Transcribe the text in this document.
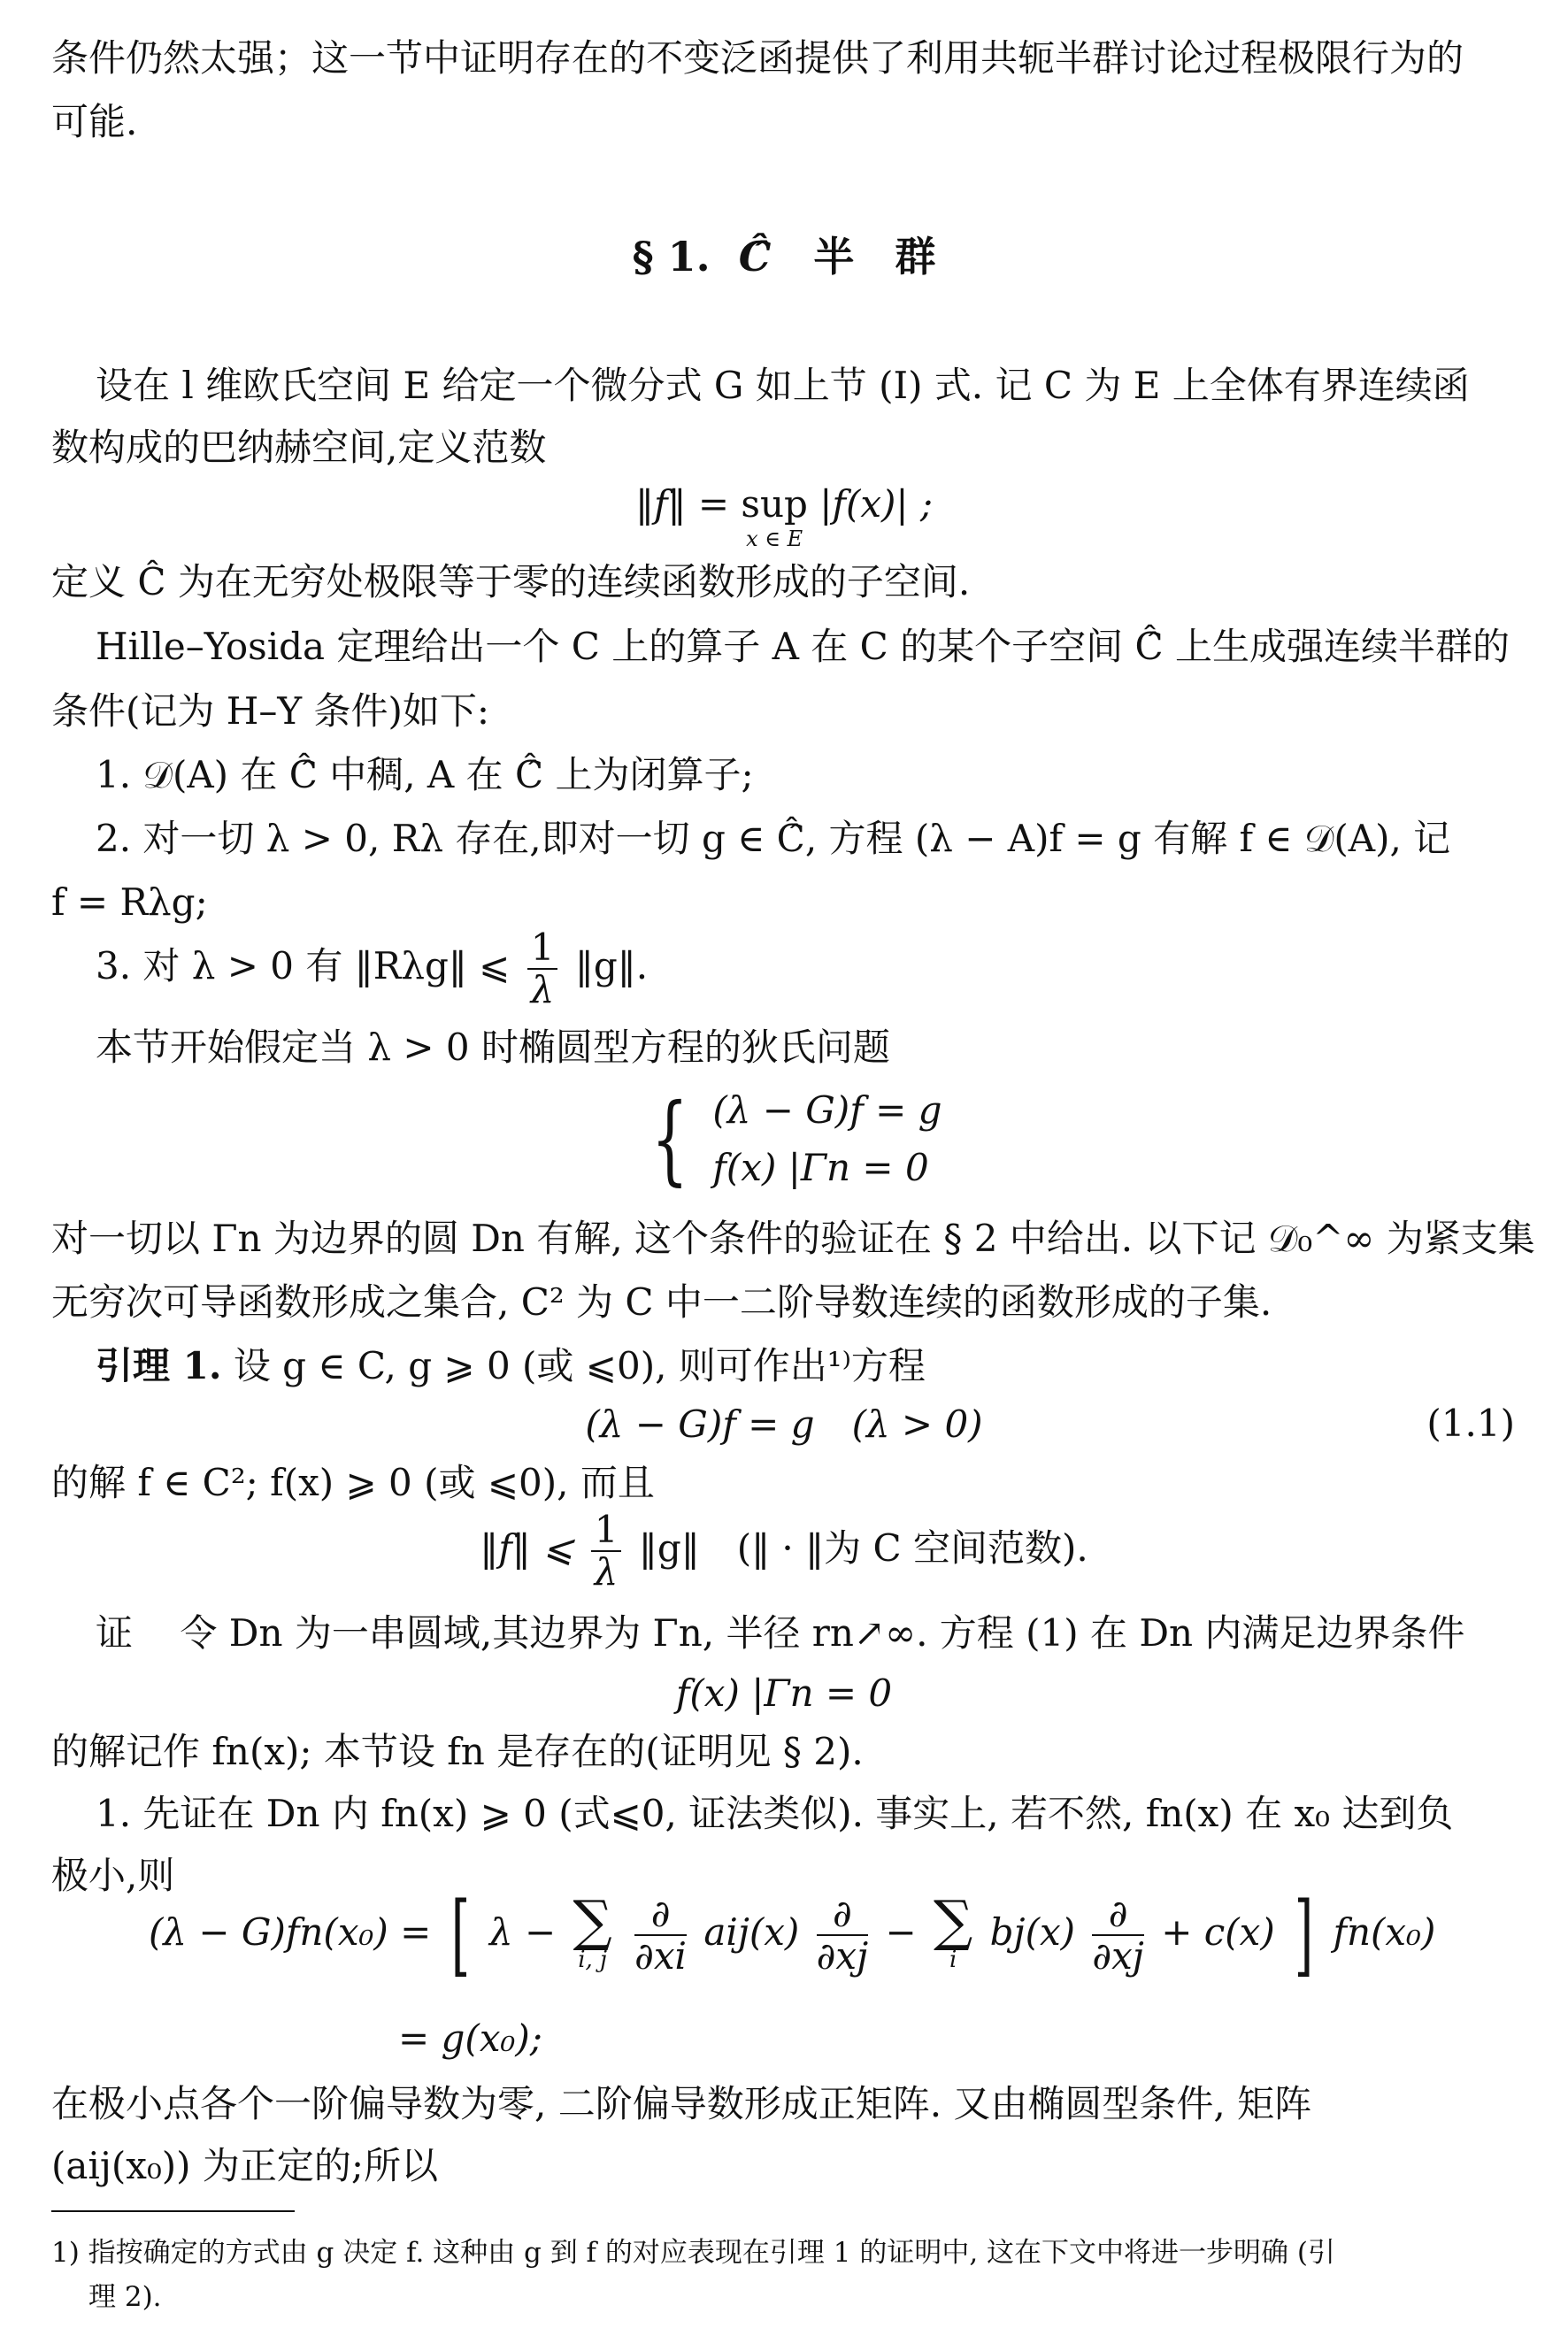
条件仍然太强；这一节中证明存在的不变泛函提供了利用共轭半群讨论过程极限行为的
可能.
§ 1. Ĉ̂ 半　群
设在 l 维欧氏空间 E 给定一个微分式 G 如上节 (I) 式. 记 C 为 E 上全体有界连续函
数构成的巴纳赫空间,定义范数
‖f‖ = sup
x ∈ E
|f(x)| ;
定义 Ĉ 为在无穷处极限等于零的连续函数形成的子空间.
Hille–Yosida 定理给出一个 C 上的算子 A 在 C 的某个子空间 Ĉ̂ 上生成强连续半群的
条件(记为 H–Y 条件)如下:
1. 𝒟(A) 在 Ĉ̂ 中稠, A 在 Ĉ̂ 上为闭算子;
2. 对一切 λ > 0, Rλ 存在,即对一切 g ∈ Ĉ̂, 方程 (λ − A)f = g 有解 f ∈ 𝒟(A), 记
f = Rλg;
3. 对 λ > 0 有 ‖Rλg‖ ⩽ $\frac{1}{\lambda}$ ‖g‖.
本节开始假定当 λ > 0 时椭圆型方程的狄氏问题
{ (λ − G)f = g
f(x) |Γn = 0
对一切以 Γn 为边界的圆 Dn 有解, 这个条件的验证在 § 2 中给出. 以下记 𝒟₀^∞ 为紧支集
无穷次可导函数形成之集合, C² 为 C 中一二阶导数连续的函数形成的子集.
引理 1. 设 g ∈ C, g ⩾ 0 (或 ⩽0), 则可作出¹⁾方程
(λ − G)f = g　(λ > 0)	(1.1)
的解 f ∈ C²; f(x) ⩾ 0 (或 ⩽0), 而且
‖f‖ ⩽ $\frac{1}{\lambda}$ ‖g‖　(‖ · ‖为 C 空间范数).
证 令 Dn 为一串圆域,其边界为 Γn, 半径 rn↗∞. 方程 (1) 在 Dn 内满足边界条件
f(x) |Γn = 0
的解记作 fn(x); 本节设 fn 是存在的(证明见 § 2).
1. 先证在 Dn 内 fn(x) ⩾ 0 (式⩽0, 证法类似). 事实上, 若不然, fn(x) 在 x₀ 达到负
极小,则
(λ − G)fn(x₀) = [ λ − ∑
i, j

∂
∂xi
aij(x) ∂
∂xj
− ∑
i
bj(x) ∂
∂xj
+ c(x) ] fn(x₀)
= g(x₀);
在极小点各个一阶偏导数为零, 二阶偏导数形成正矩阵. 又由椭圆型条件, 矩阵
(aij(x₀)) 为正定的;所以
1) 指按确定的方式由 g 决定 f. 这种由 g 到 f 的对应表现在引理 1 的证明中, 这在下文中将进一步明确 (引
理 2).
